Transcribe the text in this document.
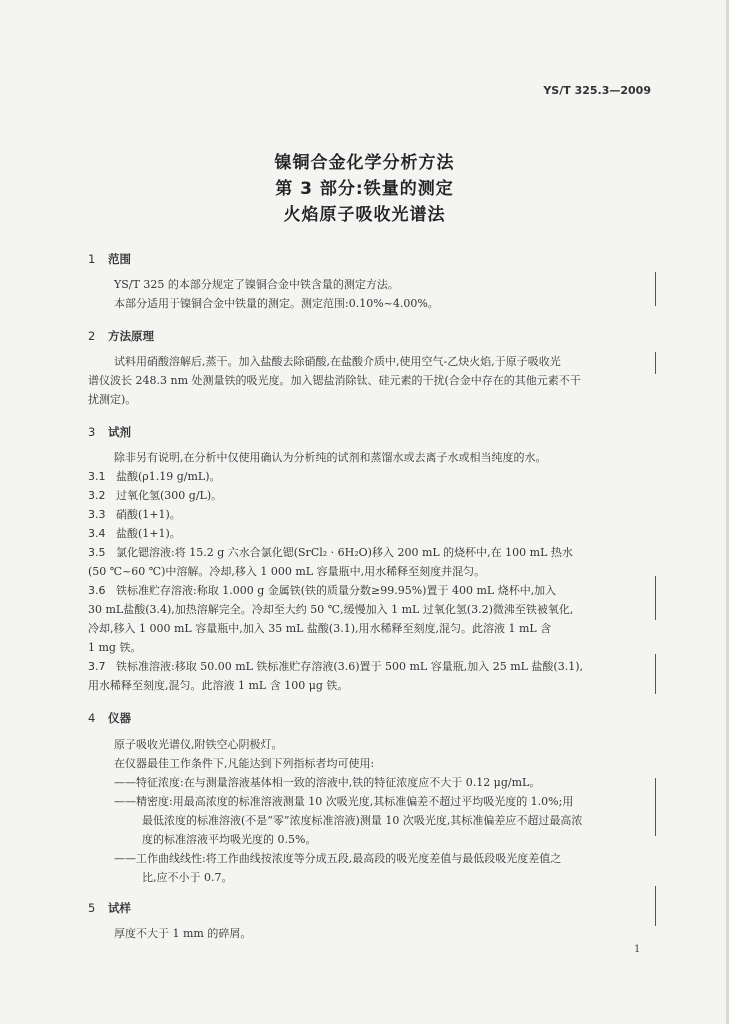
YS/T 325.3—2009
镍铜合金化学分析方法
第 3 部分:铁量的测定
火焰原子吸收光谱法
1 范围
YS/T 325 的本部分规定了镍铜合金中铁含量的测定方法。
本部分适用于镍铜合金中铁量的测定。测定范围:0.10%~4.00%。
2 方法原理
试料用硝酸溶解后,蒸干。加入盐酸去除硝酸,在盐酸介质中,使用空气-乙炔火焰,于原子吸收光
谱仪波长 248.3 nm 处测量铁的吸光度。加入锶盐消除钛、硅元素的干扰(合金中存在的其他元素不干
扰测定)。
3 试剂
除非另有说明,在分析中仅使用确认为分析纯的试剂和蒸馏水或去离子水或相当纯度的水。
3.1 盐酸(ρ1.19 g/mL)。
3.2 过氧化氢(300 g/L)。
3.3 硝酸(1+1)。
3.4 盐酸(1+1)。
3.5 氯化锶溶液:将 15.2 g 六水合氯化锶(SrCl₂ · 6H₂O)移入 200 mL 的烧杯中,在 100 mL 热水
(50 ℃~60 ℃)中溶解。冷却,移入 1 000 mL 容量瓶中,用水稀释至刻度并混匀。
3.6 铁标准贮存溶液:称取 1.000 g 金属铁(铁的质量分数≥99.95%)置于 400 mL 烧杯中,加入
30 mL盐酸(3.4),加热溶解完全。冷却至大约 50 ℃,缓慢加入 1 mL 过氧化氢(3.2)微沸至铁被氧化,
冷却,移入 1 000 mL 容量瓶中,加入 35 mL 盐酸(3.1),用水稀释至刻度,混匀。此溶液 1 mL 含
1 mg 铁。
3.7 铁标准溶液:移取 50.00 mL 铁标准贮存溶液(3.6)置于 500 mL 容量瓶,加入 25 mL 盐酸(3.1),
用水稀释至刻度,混匀。此溶液 1 mL 含 100 μg 铁。
4 仪器
原子吸收光谱仪,附铁空心阴极灯。
在仪器最佳工作条件下,凡能达到下列指标者均可使用:
——特征浓度:在与测量溶液基体相一致的溶液中,铁的特征浓度应不大于 0.12 μg/mL。
——精密度:用最高浓度的标准溶液测量 10 次吸光度,其标准偏差不超过平均吸光度的 1.0%;用
最低浓度的标准溶液(不是“零”浓度标准溶液)测量 10 次吸光度,其标准偏差应不超过最高浓
度的标准溶液平均吸光度的 0.5%。
——工作曲线线性:将工作曲线按浓度等分成五段,最高段的吸光度差值与最低段吸光度差值之
比,应不小于 0.7。
5 试样
厚度不大于 1 mm 的碎屑。
1
